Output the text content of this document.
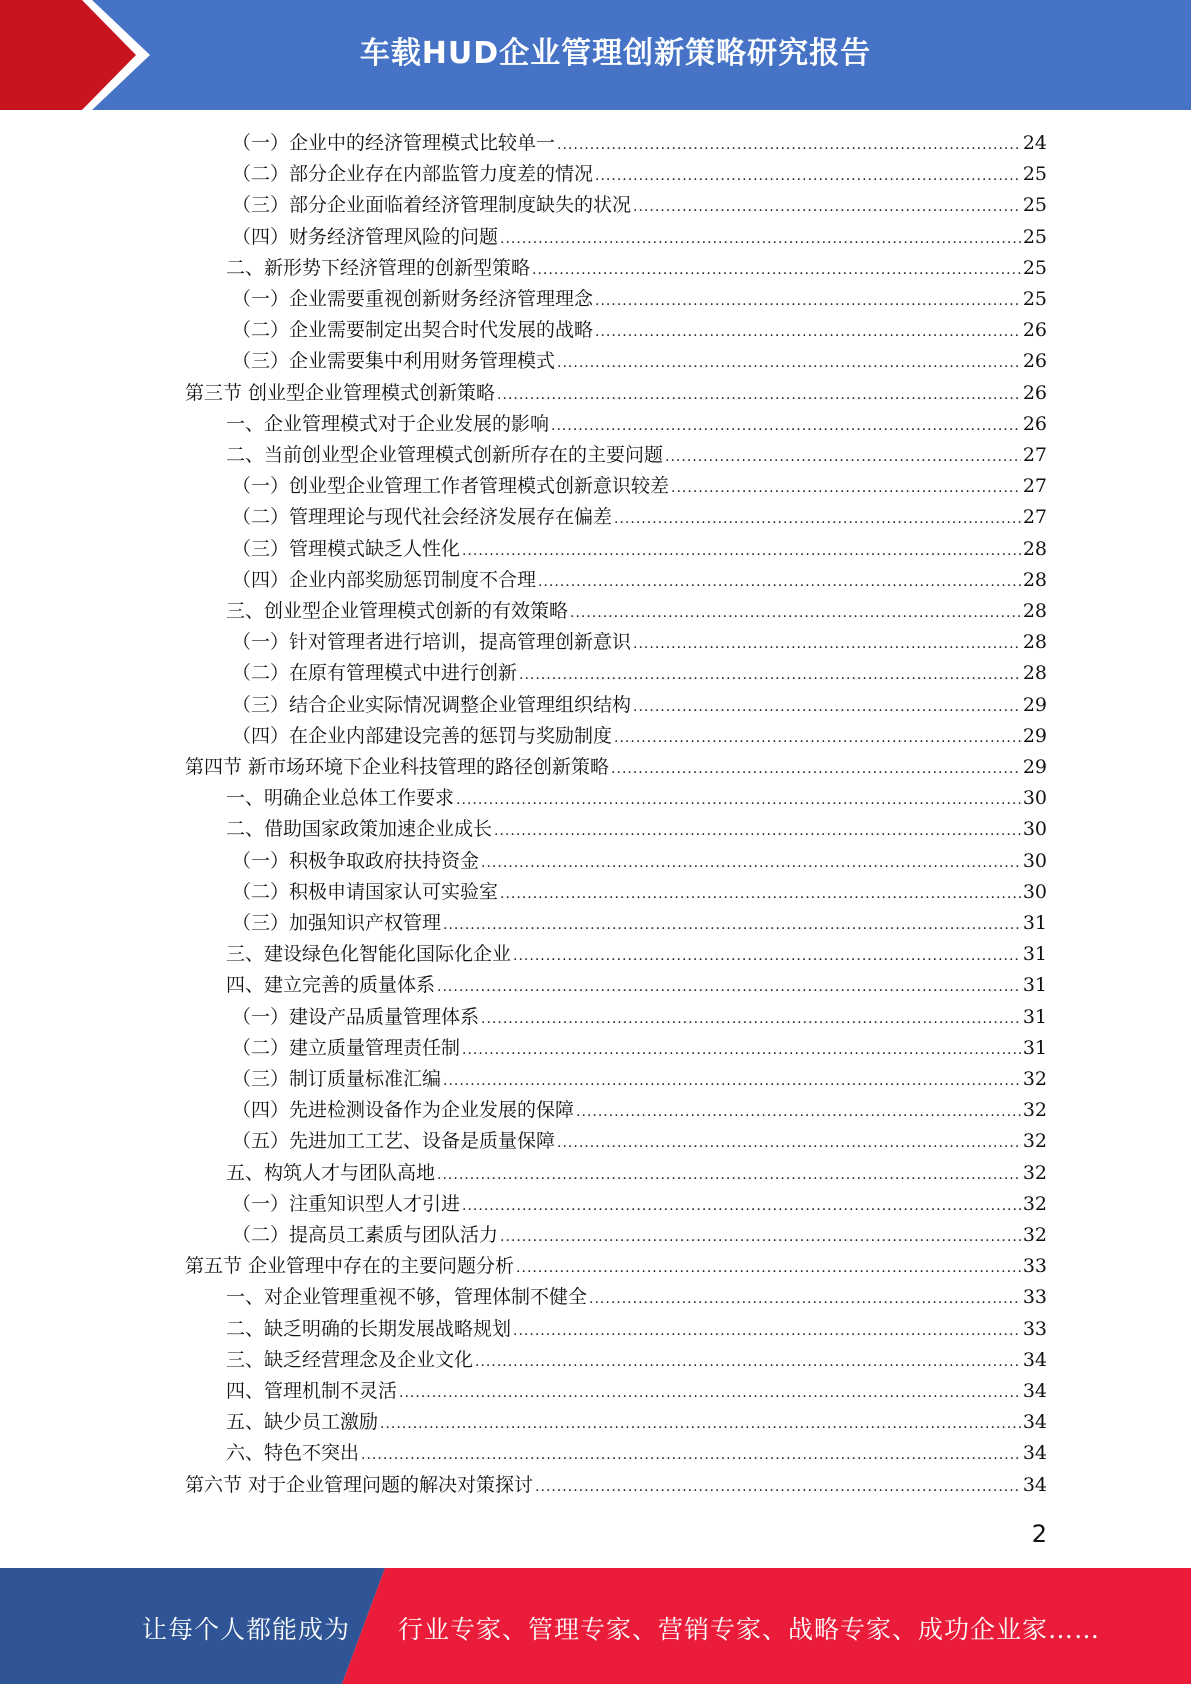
车载HUD企业管理创新策略研究报告
（一）企业中的经济管理模式比较单一 .....	24
（二）部分企业存在内部监管力度差的情况 .....	25
（三）部分企业面临着经济管理制度缺失的状况 .....	25
（四）财务经济管理风险的问题 .....	25
二、新形势下经济管理的创新型策略 .....	25
（一）企业需要重视创新财务经济管理理念 .....	25
（二）企业需要制定出契合时代发展的战略 .....	26
（三）企业需要集中利用财务管理模式 .....	26
第三节 创业型企业管理模式创新策略 .....	26
一、企业管理模式对于企业发展的影响 .....	26
二、当前创业型企业管理模式创新所存在的主要问题 .....	27
（一）创业型企业管理工作者管理模式创新意识较差 .....	27
（二）管理理论与现代社会经济发展存在偏差 .....	27
（三）管理模式缺乏人性化 .....	28
（四）企业内部奖励惩罚制度不合理 .....	28
三、创业型企业管理模式创新的有效策略 .....	28
（一）针对管理者进行培训，提高管理创新意识 .....	28
（二）在原有管理模式中进行创新 .....	28
（三）结合企业实际情况调整企业管理组织结构 .....	29
（四）在企业内部建设完善的惩罚与奖励制度 .....	29
第四节 新市场环境下企业科技管理的路径创新策略 .....	29
一、明确企业总体工作要求 .....	30
二、借助国家政策加速企业成长 .....	30
（一）积极争取政府扶持资金 .....	30
（二）积极申请国家认可实验室 .....	30
（三）加强知识产权管理 .....	31
三、建设绿色化智能化国际化企业 .....	31
四、建立完善的质量体系 .....	31
（一）建设产品质量管理体系 .....	31
（二）建立质量管理责任制 .....	31
（三）制订质量标准汇编 .....	32
（四）先进检测设备作为企业发展的保障 .....	32
（五）先进加工工艺、设备是质量保障 .....	32
五、构筑人才与团队高地 .....	32
（一）注重知识型人才引进 .....	32
（二）提高员工素质与团队活力 .....	32
第五节 企业管理中存在的主要问题分析 .....	33
一、对企业管理重视不够，管理体制不健全 .....	33
二、缺乏明确的长期发展战略规划 .....	33
三、缺乏经营理念及企业文化 .....	34
四、管理机制不灵活 .....	34
五、缺少员工激励 .....	34
六、特色不突出 .....	34
第六节 对于企业管理问题的解决对策探讨 .....	34
2
让每个人都能成为 行业专家、管理专家、营销专家、战略专家、成功企业家……
